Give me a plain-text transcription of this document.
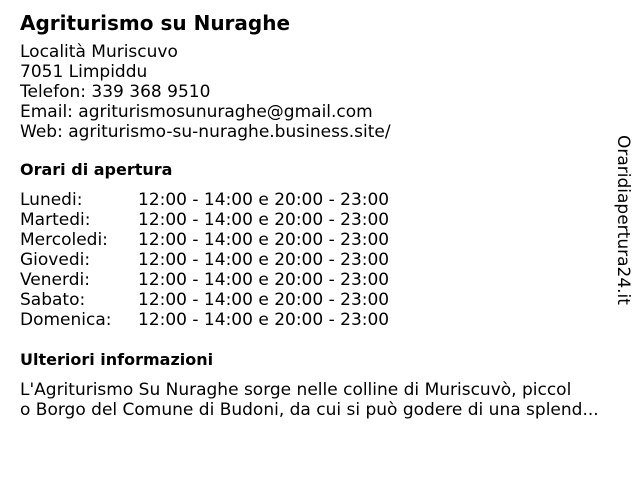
Agriturismo su Nuraghe
Località Muriscuvo
7051 Limpiddu
Telefon: 339 368 9510
Email: agriturismosunuraghe@gmail.com
Web: agriturismo-su-nuraghe.business.site/
Orari di apertura
Lunedi:	12:00 - 14:00 e 20:00 - 23:00
Martedi:	12:00 - 14:00 e 20:00 - 23:00
Mercoledi:	12:00 - 14:00 e 20:00 - 23:00
Giovedi:	12:00 - 14:00 e 20:00 - 23:00
Venerdi:	12:00 - 14:00 e 20:00 - 23:00
Sabato:	12:00 - 14:00 e 20:00 - 23:00
Domenica:	12:00 - 14:00 e 20:00 - 23:00
Ulteriori informazioni
L'Agriturismo Su Nuraghe sorge nelle colline di Muriscuvò, piccol
o Borgo del Comune di Budoni, da cui si può godere di una splend...
Oraridiapertura24.it
